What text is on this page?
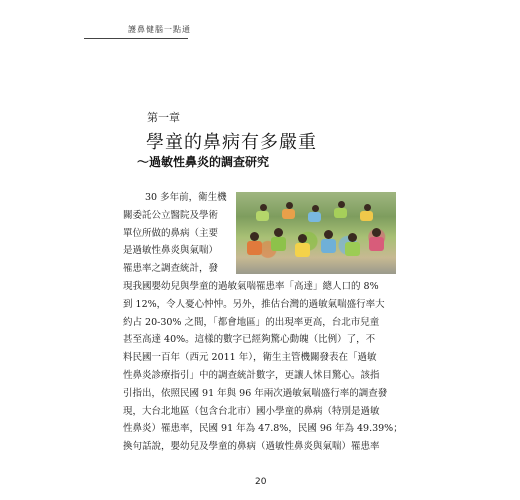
護鼻健腦一點通
第一章
學童的鼻病有多嚴重
～過敏性鼻炎的調查研究
30 多年前，衛生機
關委託公立醫院及學術
單位所做的鼻病（主要
是過敏性鼻炎與氣喘）
罹患率之調查統計，發
現我國嬰幼兒與學童的過敏氣喘罹患率「高達」總人口的 8%
到 12%，令人憂心忡忡。另外，推估台灣的過敏氣喘盛行率大
約占 20-30% 之間，「都會地區」的出現率更高，台北市兒童
甚至高達 40%。這樣的數字已經夠驚心動魄（比例）了，不
料民國一百年（西元 2011 年），衛生主管機關發表在「過敏
性鼻炎診療指引」中的調查統計數字，更讓人怵目驚心。該指
引指出，依照民國 91 年與 96 年兩次過敏氣喘盛行率的調查發
現，大台北地區（包含台北市）國小學童的鼻病（特別是過敏
性鼻炎）罹患率，民國 91 年為 47.8%，民國 96 年為 49.39%；
換句話說，嬰幼兒及學童的鼻病（過敏性鼻炎與氣喘）罹患率
20
